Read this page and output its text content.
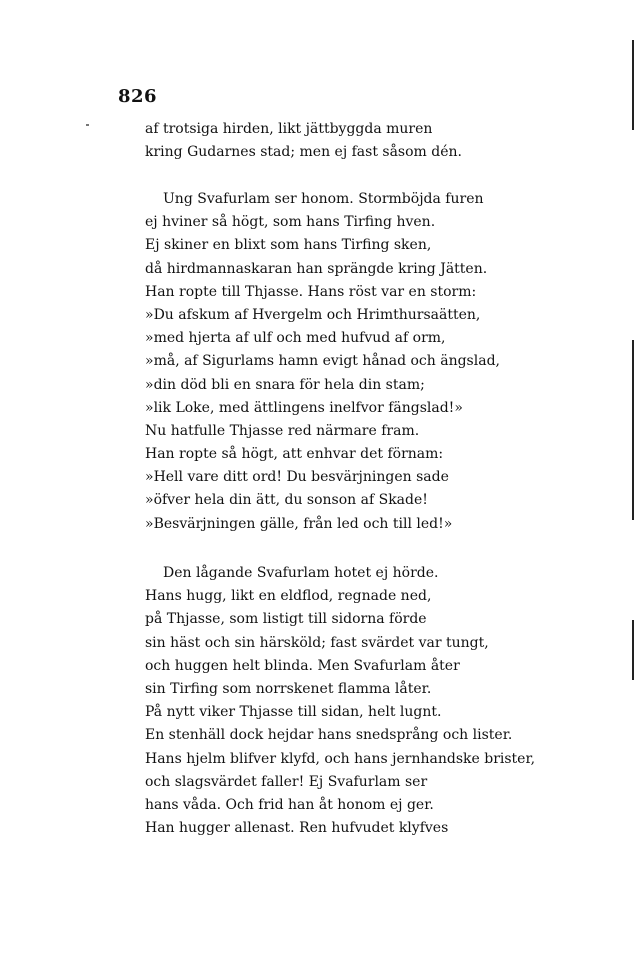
826
af trotsiga hirden, likt jättbyggda muren
kring Gudarnes stad; men ej fast såsom dén.
Ung Svafurlam ser honom. Stormböjda furen
ej hviner så högt, som hans Tirfing hven.
Ej skiner en blixt som hans Tirfing sken,
då hirdmannaskaran han sprängde kring Jätten.
Han ropte till Thjasse. Hans röst var en storm:
»Du afskum af Hvergelm och Hrimthursaätten,
»med hjerta af ulf och med hufvud af orm,
»må, af Sigurlams hamn evigt hånad och ängslad,
»din död bli en snara för hela din stam;
»lik Loke, med ättlingens inelfvor fängslad!»
Nu hatfulle Thjasse red närmare fram.
Han ropte så högt, att enhvar det förnam:
»Hell vare ditt ord! Du besvärjningen sade
»öfver hela din ätt, du sonson af Skade!
»Besvärjningen gälle, från led och till led!»
Den lågande Svafurlam hotet ej hörde.
Hans hugg, likt en eldflod, regnade ned,
på Thjasse, som listigt till sidorna förde
sin häst och sin härsköld; fast svärdet var tungt,
och huggen helt blinda. Men Svafurlam åter
sin Tirfing som norrskenet flamma låter.
På nytt viker Thjasse till sidan, helt lugnt.
En stenhäll dock hejdar hans snedsprång och lister.
Hans hjelm blifver klyfd, och hans jernhandske brister,
och slagsvärdet faller! Ej Svafurlam ser
hans våda. Och frid han åt honom ej ger.
Han hugger allenast. Ren hufvudet klyfves
